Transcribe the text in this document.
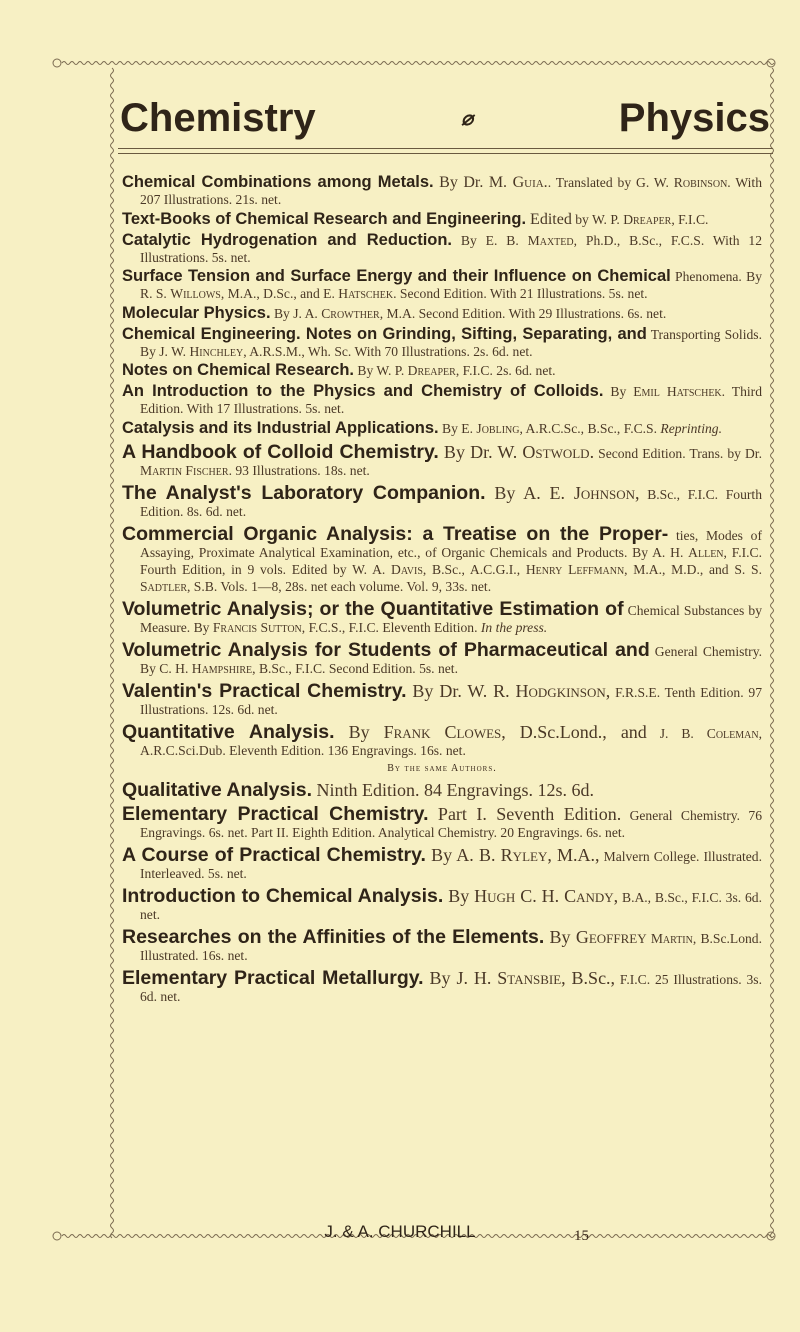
Chemistry	⌀	Physics
Chemical Combinations among Metals. By Dr. M. Guia.. Translated by G. W. Robinson. With 207 Illustrations. 21s. net.
Text-Books of Chemical Research and Engineering. Edited by W. P. Dreaper, F.I.C.
Catalytic Hydrogenation and Reduction. By E. B. Maxted, Ph.D., B.Sc., F.C.S. With 12 Illustrations. 5s. net.
Surface Tension and Surface Energy and their Influence on Chemical Phenomena. By R. S. Willows, M.A., D.Sc., and E. Hatschek. Second Edition. With 21 Illustrations. 5s. net.
Molecular Physics. By J. A. Crowther, M.A. Second Edition. With 29 Illustrations. 6s. net.
Chemical Engineering. Notes on Grinding, Sifting, Separating, and Transporting Solids. By J. W. Hinchley, A.R.S.M., Wh. Sc. With 70 Illustrations. 2s. 6d. net.
Notes on Chemical Research. By W. P. Dreaper, F.I.C. 2s. 6d. net.
An Introduction to the Physics and Chemistry of Colloids. By Emil Hatschek. Third Edition. With 17 Illustrations. 5s. net.
Catalysis and its Industrial Applications. By E. Jobling, A.R.C.Sc., B.Sc., F.C.S. Reprinting.
A Handbook of Colloid Chemistry. By Dr. W. Ostwold. Second Edition. Trans. by Dr. Martin Fischer. 93 Illustrations. 18s. net.
The Analyst's Laboratory Companion. By A. E. Johnson, B.Sc., F.I.C. Fourth Edition. 8s. 6d. net.
Commercial Organic Analysis: a Treatise on the Proper- ties, Modes of Assaying, Proximate Analytical Examination, etc., of Organic Chemicals and Products. By A. H. Allen, F.I.C. Fourth Edition, in 9 vols. Edited by W. A. Davis, B.Sc., A.C.G.I., Henry Leffmann, M.A., M.D., and S. S. Sadtler, S.B. Vols. 1—8, 28s. net each volume. Vol. 9, 33s. net.
Volumetric Analysis; or the Quantitative Estimation of Chemical Substances by Measure. By Francis Sutton, F.C.S., F.I.C. Eleventh Edition. In the press.
Volumetric Analysis for Students of Pharmaceutical and General Chemistry. By C. H. Hampshire, B.Sc., F.I.C. Second Edition. 5s. net.
Valentin's Practical Chemistry. By Dr. W. R. Hodgkinson, F.R.S.E. Tenth Edition. 97 Illustrations. 12s. 6d. net.
Quantitative Analysis. By Frank Clowes, D.Sc.Lond., and J. B. Coleman, A.R.C.Sci.Dub. Eleventh Edition. 136 Engravings. 16s. net.
By the same Authors.
Qualitative Analysis. Ninth Edition. 84 Engravings. 12s. 6d.
Elementary Practical Chemistry. Part I. Seventh Edition. General Chemistry. 76 Engravings. 6s. net. Part II. Eighth Edition. Analytical Chemistry. 20 Engravings. 6s. net.
A Course of Practical Chemistry. By A. B. Ryley, M.A., Malvern College. Illustrated. Interleaved. 5s. net.
Introduction to Chemical Analysis. By Hugh C. H. Candy, B.A., B.Sc., F.I.C. 3s. 6d. net.
Researches on the Affinities of the Elements. By Geoffrey Martin, B.Sc.Lond. Illustrated. 16s. net.
Elementary Practical Metallurgy. By J. H. Stansbie, B.Sc., F.I.C. 25 Illustrations. 3s. 6d. net.
J. & A. CHURCHILL	15
